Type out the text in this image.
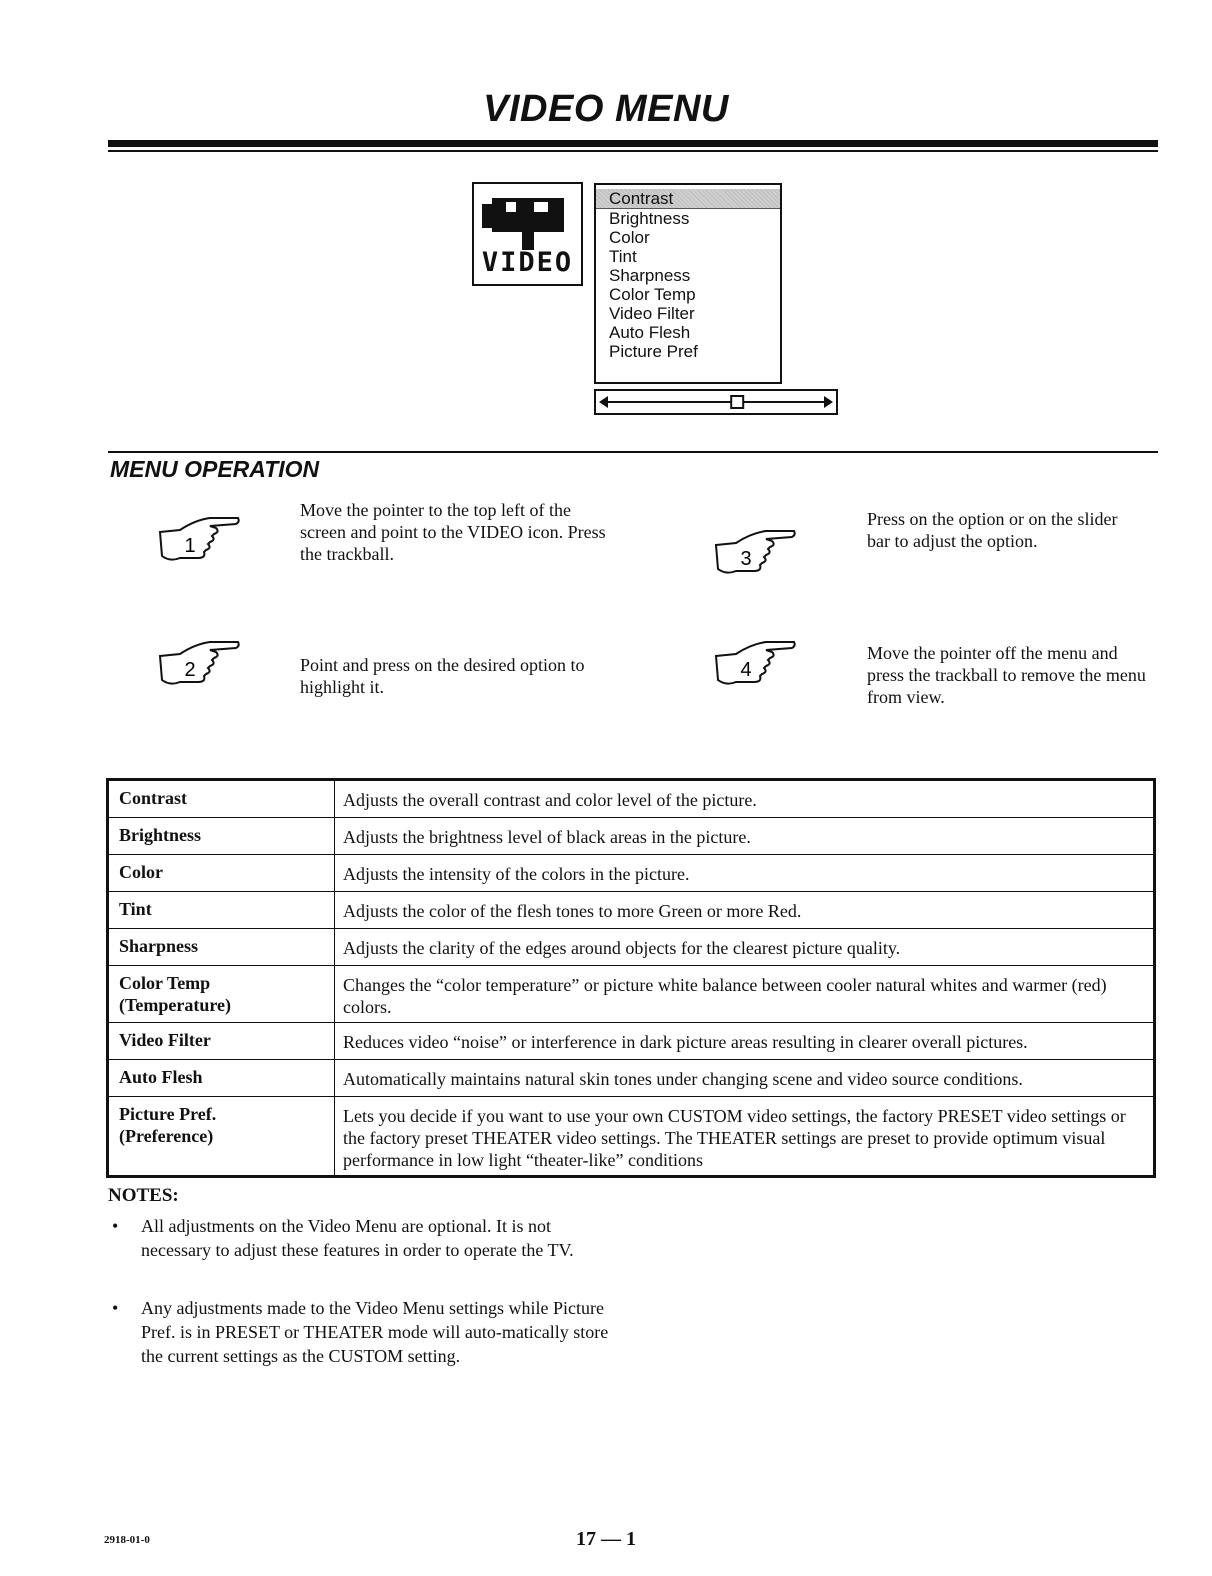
VIDEO MENU
VIDEO
Contrast
Brightness
Color
Tint
Sharpness
Color Temp
Video Filter
Auto Flesh
Picture Pref
MENU OPERATION
1
Move the pointer to the top left of the screen and point to the VIDEO icon. Press the trackball.
2	Point and press on the desired option to highlight it.
3
Press on the option or on the slider bar to adjust the option.
4
Move the pointer off the menu and press the trackball to remove the menu from view.
Contrast	Adjusts the overall contrast and color level of the picture.
Brightness	Adjusts the brightness level of black areas in the picture.
Color	Adjusts the intensity of the colors in the picture.
Tint	Adjusts the color of the flesh tones to more Green or more Red.
Sharpness	Adjusts the clarity of the edges around objects for the clearest picture quality.
Color Temp
(Temperature)	Changes the “color temperature” or picture white balance between cooler natural whites and warmer (red) colors.
Video Filter	Reduces video “noise” or interference in dark picture areas resulting in clearer overall pictures.
Auto Flesh	Automatically maintains natural skin tones under changing scene and video source conditions.
Picture Pref.
(Preference)	Lets you decide if you want to use your own CUSTOM video settings, the factory PRESET video settings or the factory preset THEATER video settings. The THEATER settings are preset to provide optimum visual performance in low light “theater-like” conditions
NOTES:
• All adjustments on the Video Menu are optional. It is not necessary to adjust these features in order to operate the TV.
• Any adjustments made to the Video Menu settings while Picture Pref. is in PRESET or THEATER mode will auto-matically store the current settings as the CUSTOM setting.
2918-01-0	17 — 1
